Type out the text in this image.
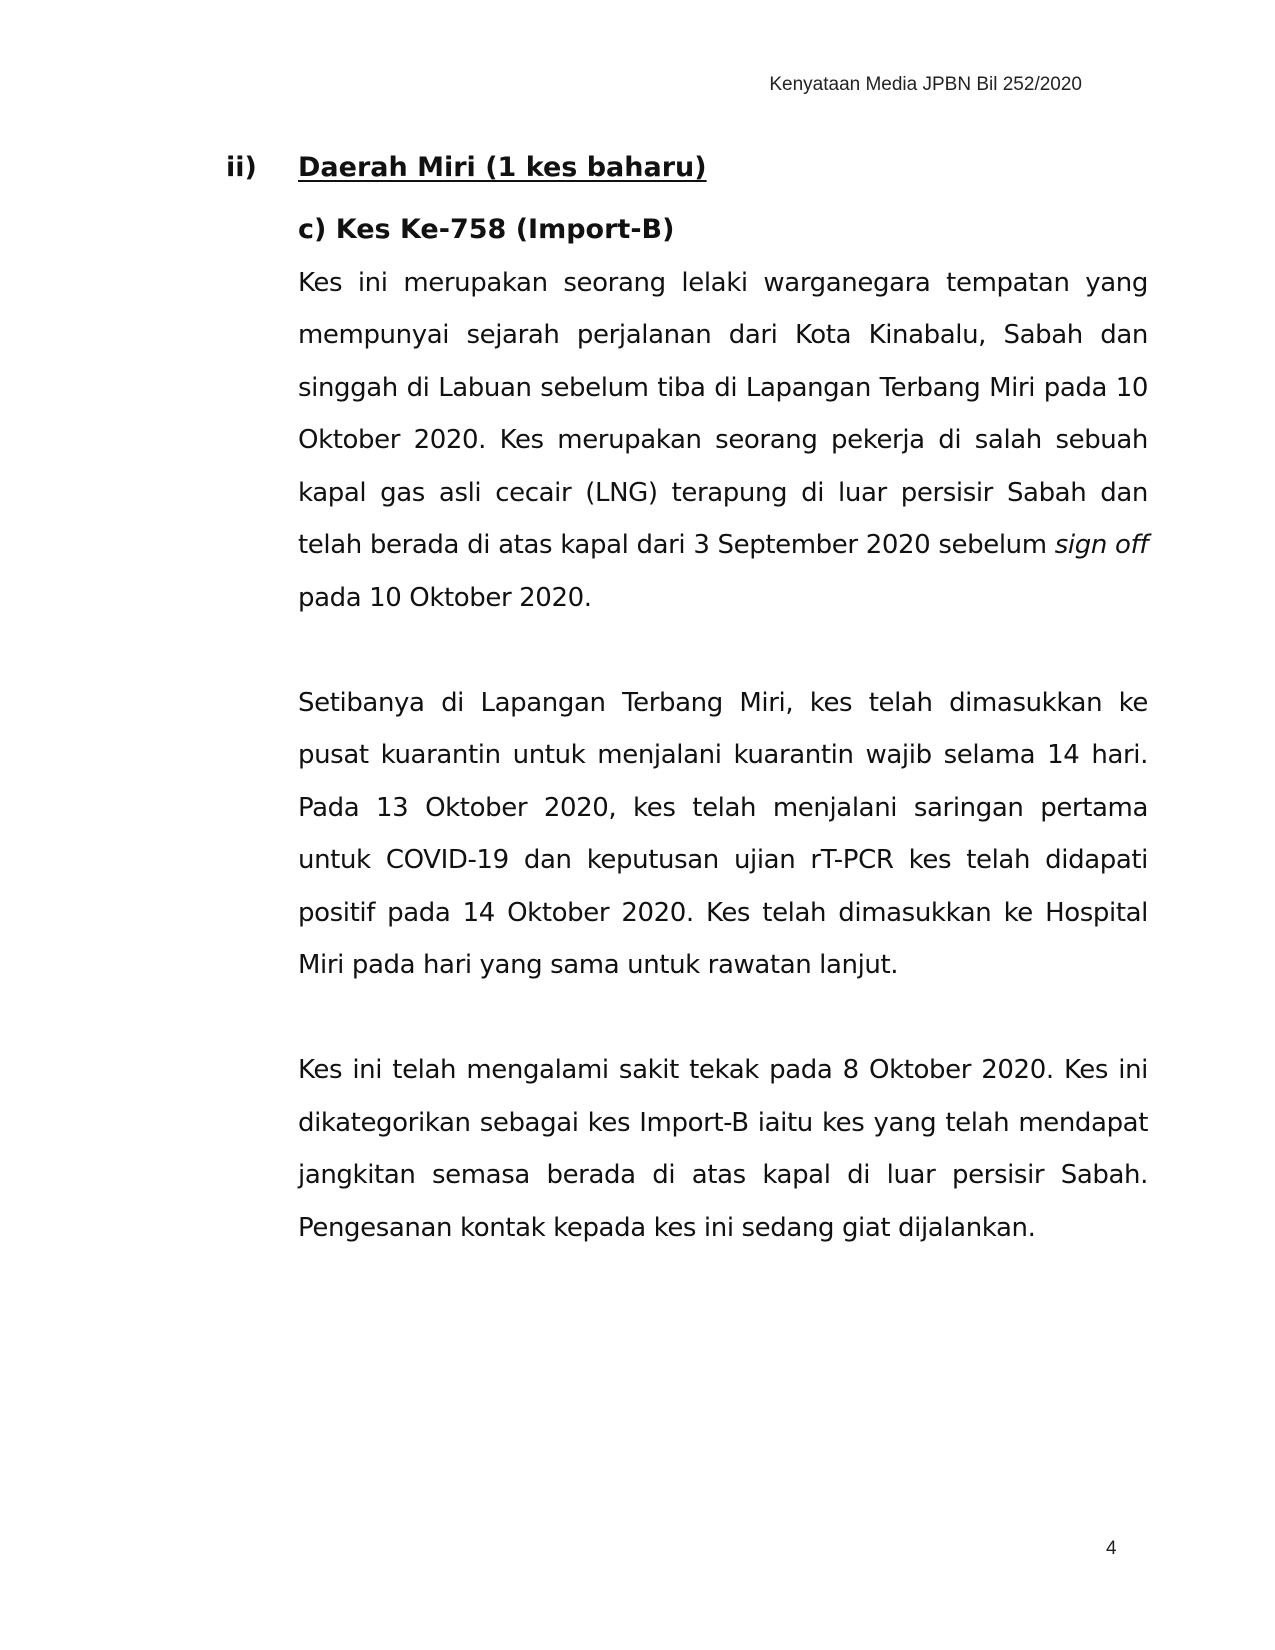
Kenyataan Media JPBN Bil 252/2020
ii)	Daerah Miri (1 kes baharu)

c) Kes Ke-758 (Import-B)

Kes ini merupakan seorang lelaki warganegara tempatan yang mempunyai sejarah perjalanan dari Kota Kinabalu, Sabah dan singgah di Labuan sebelum tiba di Lapangan Terbang Miri pada 10 Oktober 2020. Kes merupakan seorang pekerja di salah sebuah kapal gas asli cecair (LNG) terapung di luar persisir Sabah dan telah berada di atas kapal dari 3 September 2020 sebelum sign off pada 10 Oktober 2020.

Setibanya di Lapangan Terbang Miri, kes telah dimasukkan ke pusat kuarantin untuk menjalani kuarantin wajib selama 14 hari. Pada 13 Oktober 2020, kes telah menjalani saringan pertama untuk COVID-19 dan keputusan ujian rT-PCR kes telah didapati positif pada 14 Oktober 2020. Kes telah dimasukkan ke Hospital Miri pada hari yang sama untuk rawatan lanjut.

Kes ini telah mengalami sakit tekak pada 8 Oktober 2020. Kes ini dikategorikan sebagai kes Import-B iaitu kes yang telah mendapat jangkitan semasa berada di atas kapal di luar persisir Sabah. Pengesanan kontak kepada kes ini sedang giat dijalankan.

4
